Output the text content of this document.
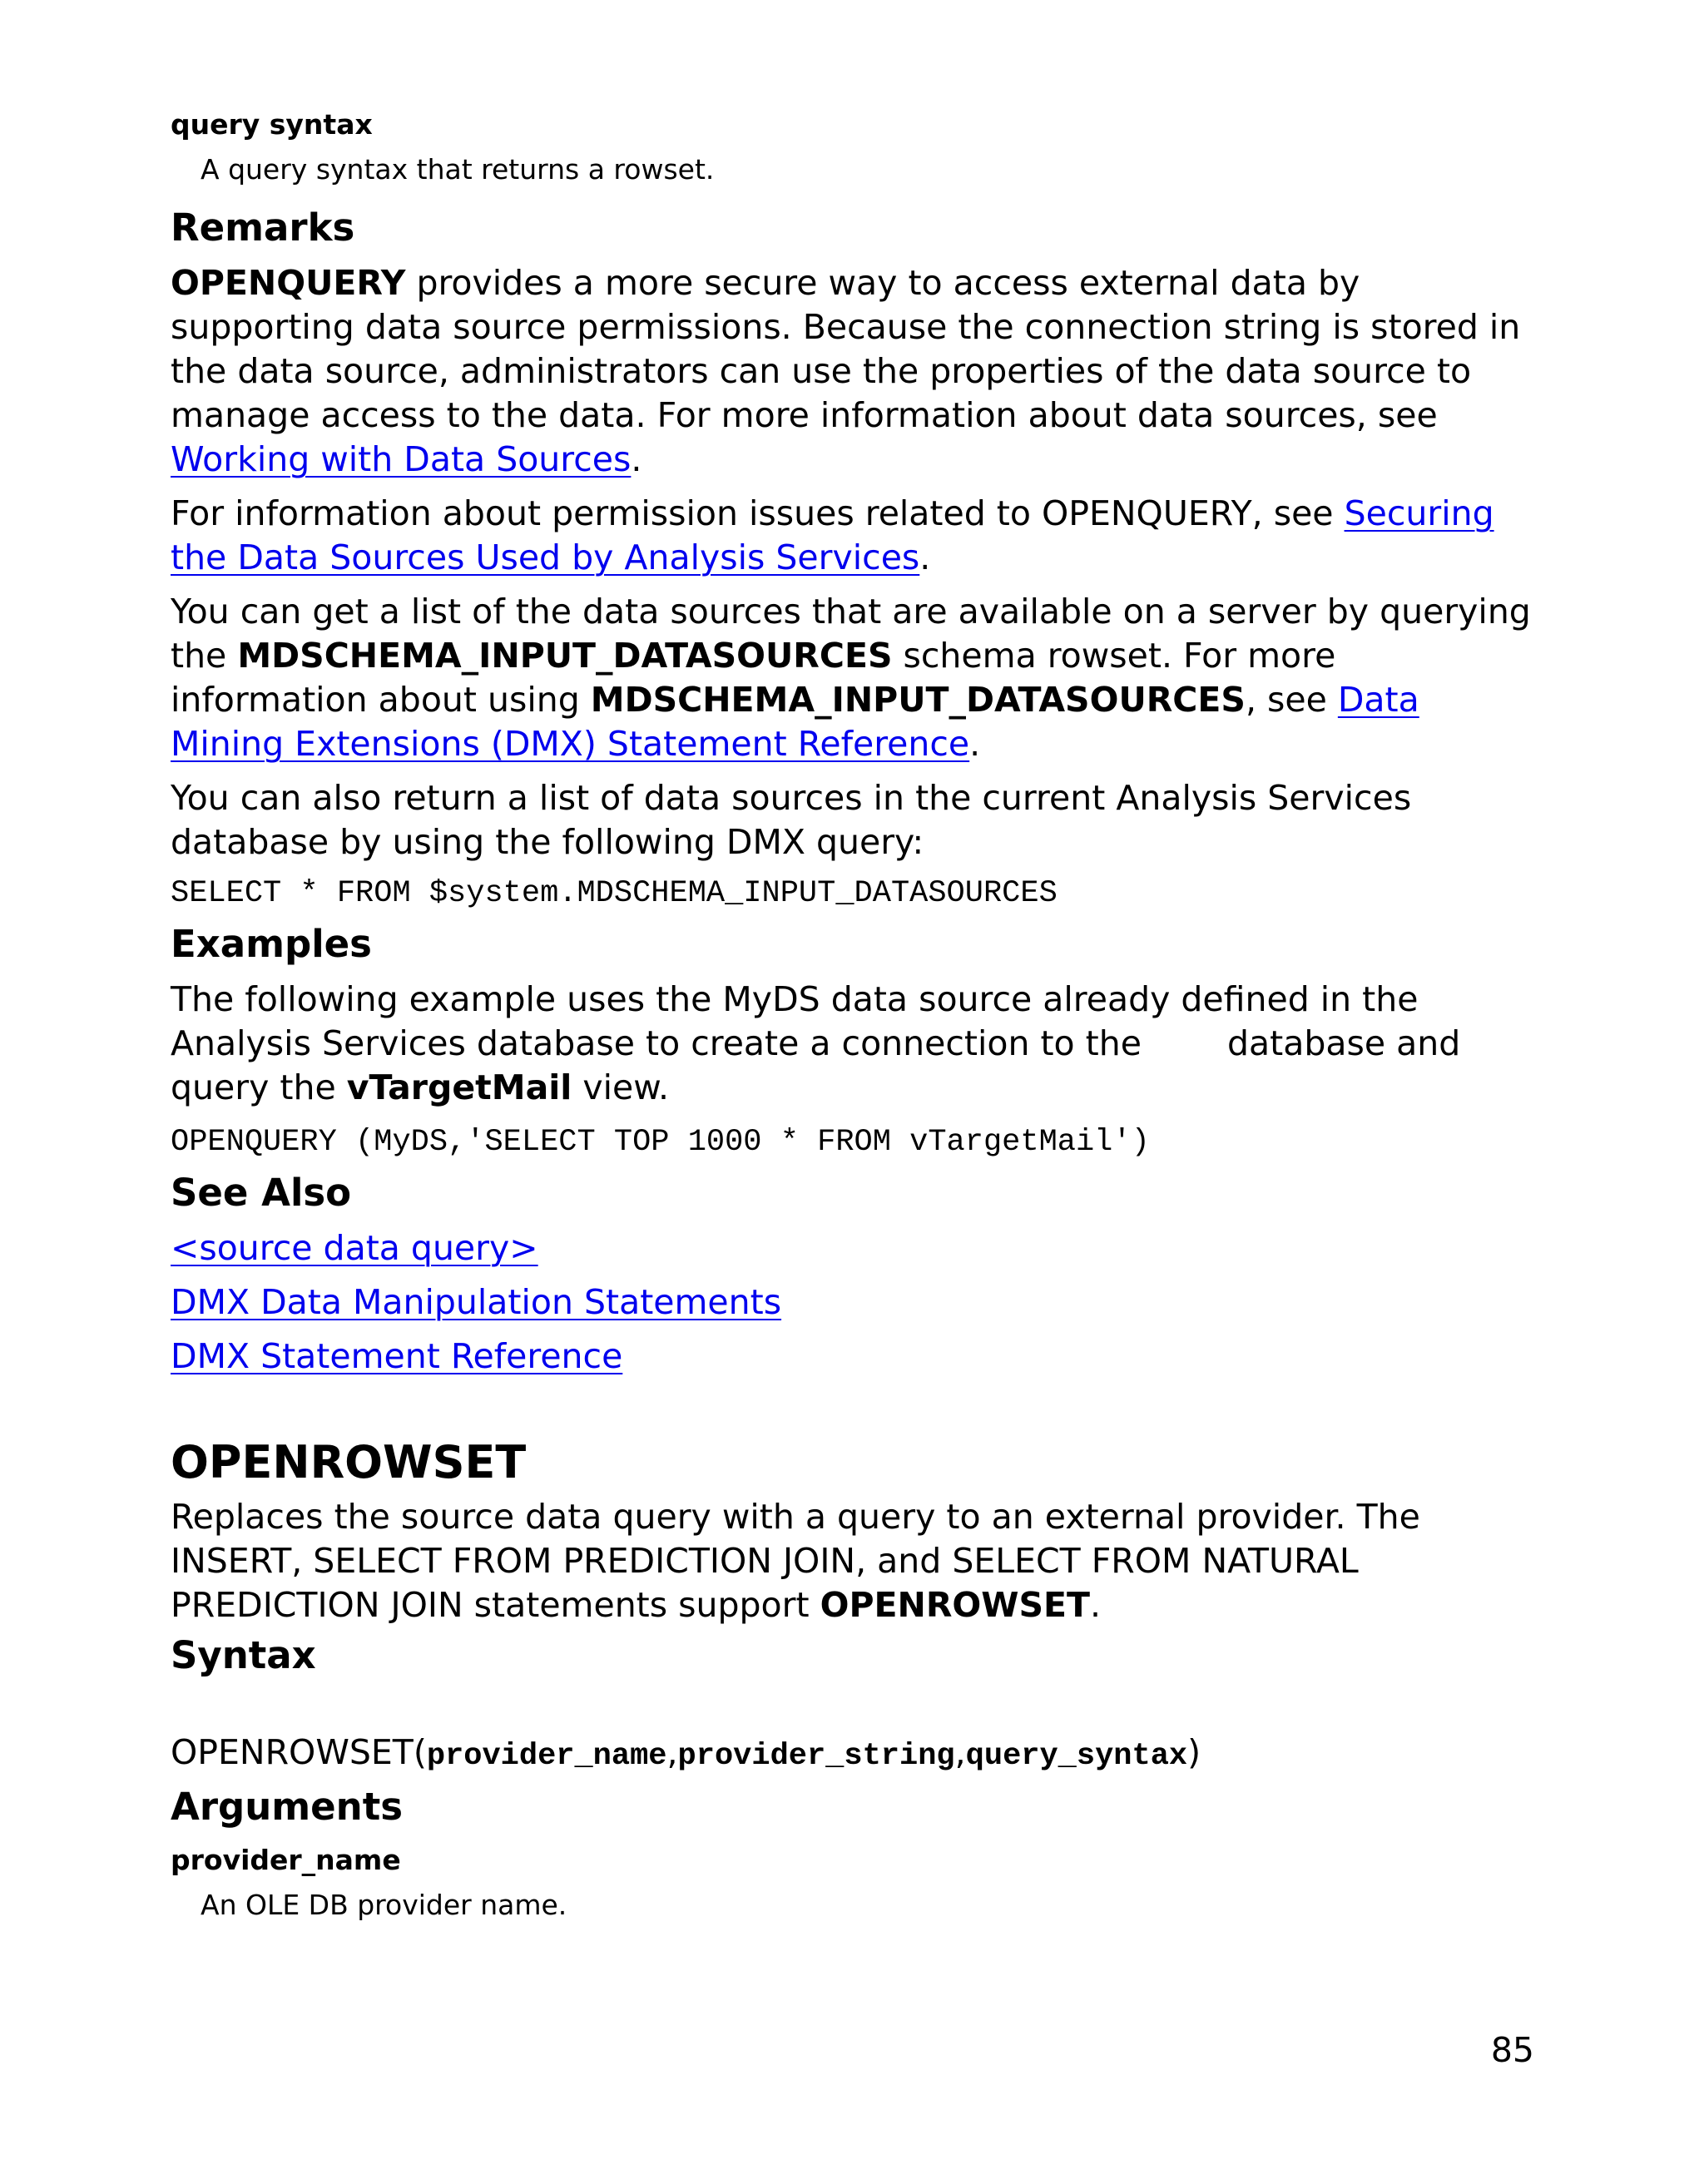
query syntax

A query syntax that returns a rowset.

Remarks

OPENQUERY provides a more secure way to access external data by supporting data source permissions. Because the connection string is stored in the data source, administrators can use the properties of the data source to manage access to the data. For more information about data sources, see Working with Data Sources.

For information about permission issues related to OPENQUERY, see Securing the Data Sources Used by Analysis Services.

You can get a list of the data sources that are available on a server by querying the MDSCHEMA_INPUT_DATASOURCES schema rowset. For more information about using MDSCHEMA_INPUT_DATASOURCES, see Data Mining Extensions (DMX) Statement Reference.

You can also return a list of data sources in the current Analysis Services database by using the following DMX query:

SELECT * FROM $system.MDSCHEMA_INPUT_DATASOURCES
Examples

The following example uses the MyDS data source already defined in the Analysis Services database to create a connection to the database and query the vTargetMail view.

OPENQUERY (MyDS,'SELECT TOP 1000 * FROM vTargetMail')
See Also

<source data query>

DMX Data Manipulation Statements

DMX Statement Reference

OPENROWSET

Replaces the source data query with a query to an external provider. The INSERT, SELECT FROM PREDICTION JOIN, and SELECT FROM NATURAL PREDICTION JOIN statements support OPENROWSET.

Syntax

OPENROWSET(provider_name,provider_string,query_syntax)

Arguments

provider_name

An OLE DB provider name.

85
